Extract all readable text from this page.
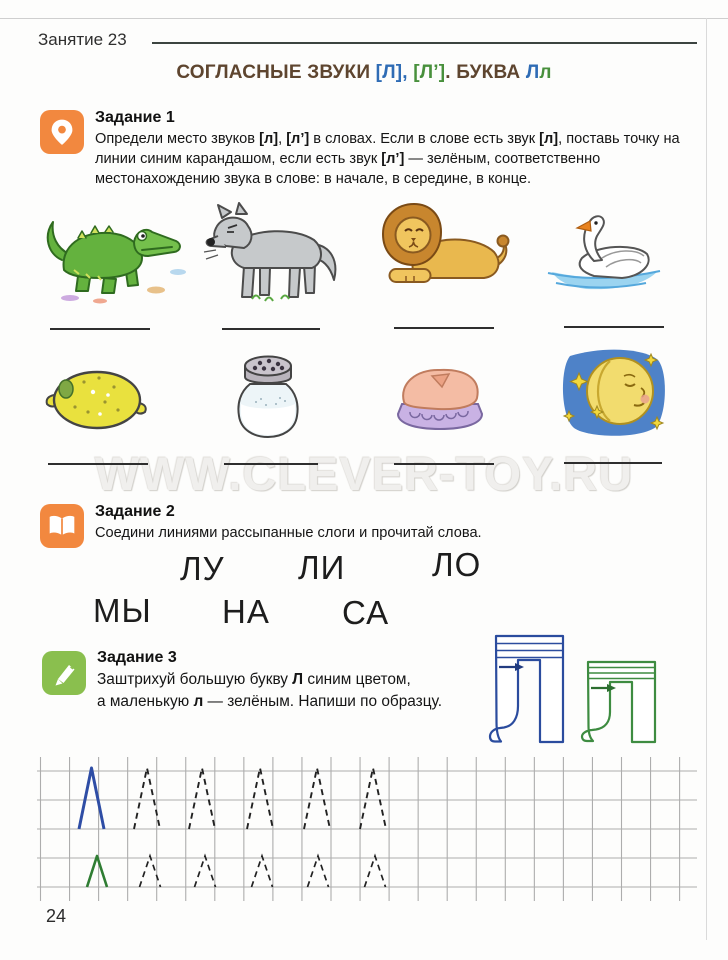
Занятие 23
СОГЛАСНЫЕ ЗВУКИ [Л], [Л’]. БУКВА Лл
Задание 1
Определи место звуков [л], [л’] в словах. Если в слове есть звук [л], поставь точку на линии синим карандашом, если есть звук [л’] — зелёным, соответственно местонахождению звука в слове: в начале, в середине, в конце.
WWW.CLEVER-TOY.RU
Задание 2
Соедини линиями рассыпанные слоги и прочитай слова.
ЛУ ЛИ	ЛО
МЫ НА СА
Задание 3
Заштрихуй большую букву Л синим цветом,
а маленькую л — зелёным. Напиши по образцу.
24
